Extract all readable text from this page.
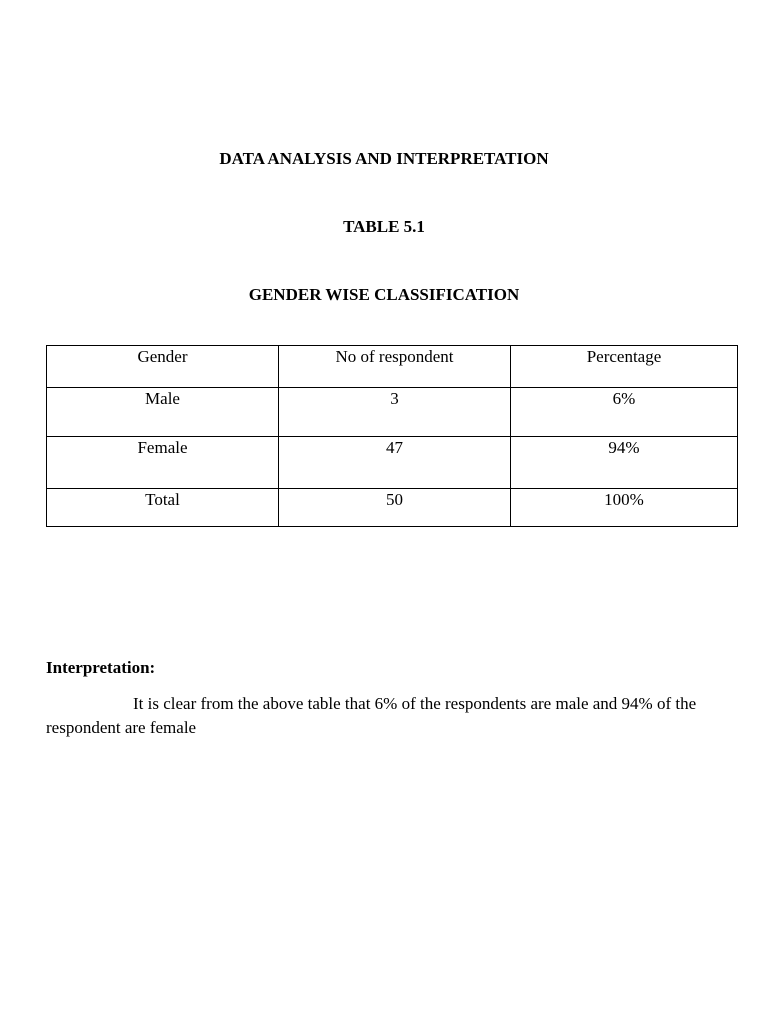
DATA ANALYSIS AND INTERPRETATION
TABLE 5.1
GENDER WISE CLASSIFICATION
Gender	No of respondent	Percentage
Male	3	6%
Female	47	94%
Total	50	100%

Interpretation:

It is clear from the above table that 6% of the respondents are male and 94% of the respondent are female
